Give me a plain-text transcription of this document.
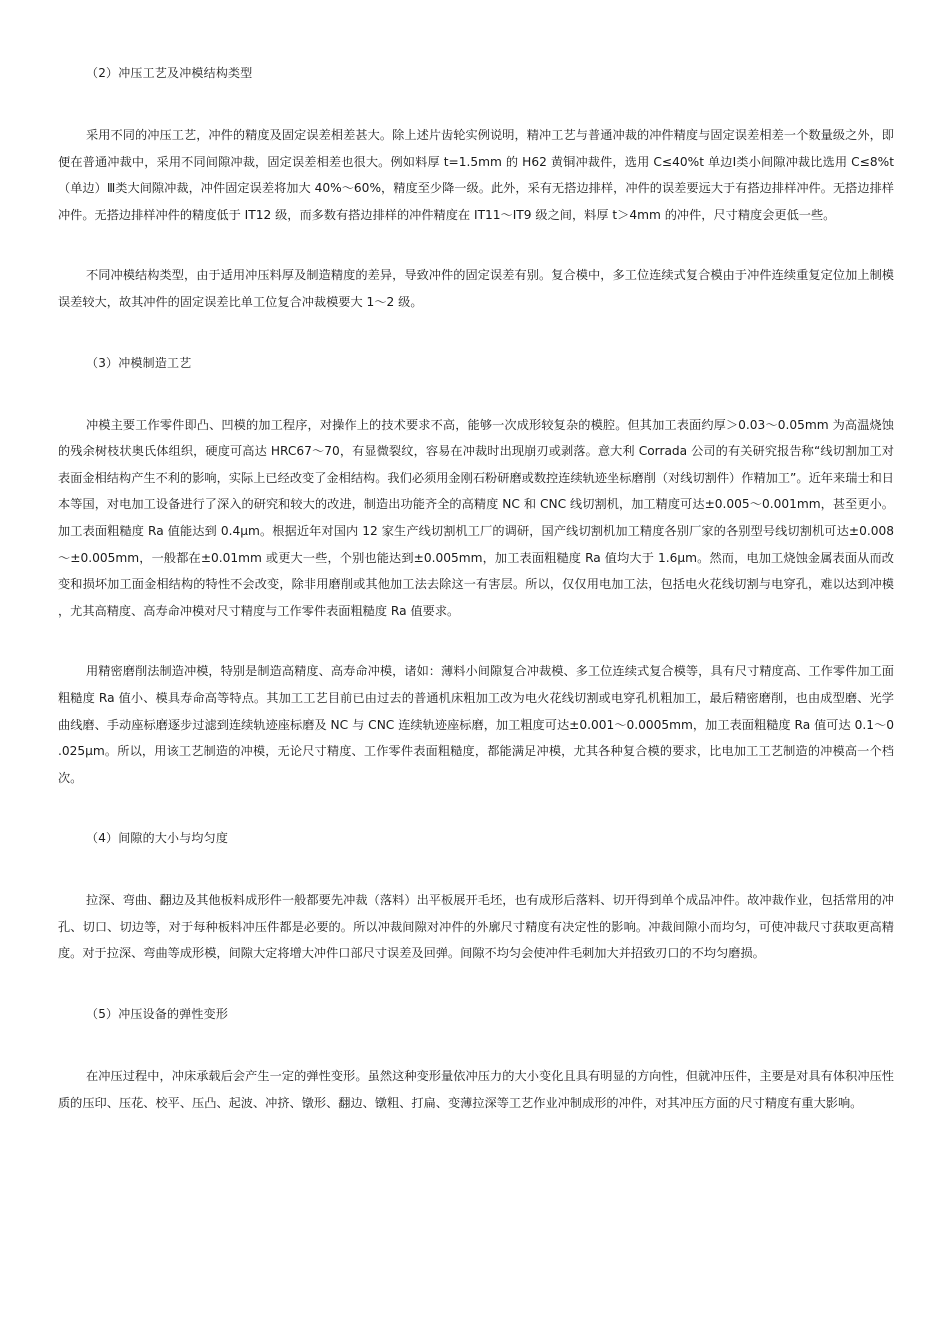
（2）冲压工艺及冲模结构类型

采用不同的冲压工艺，冲件的精度及固定误差相差甚大。除上述片齿轮实例说明，精冲工艺与普通冲裁的冲件精度与固定误差相差一个数量级之外，即便在普通冲裁中，采用不同间隙冲裁，固定误差相差也很大。例如料厚 t=1.5mm 的 H62 黄铜冲裁件，选用 C≤40%t 单边Ⅰ类小间隙冲裁比选用 C≤8%t（单边）Ⅲ类大间隙冲裁，冲件固定误差将加大 40%～60%，精度至少降一级。此外，采有无搭边排样，冲件的误差要远大于有搭边排样冲件。无搭边排样冲件。无搭边排样冲件的精度低于 IT12 级，而多数有搭边排样的冲件精度在 IT11～IT9 级之间，料厚 t＞4mm 的冲件，尺寸精度会更低一些。

不同冲模结构类型，由于适用冲压料厚及制造精度的差异，导致冲件的固定误差有别。复合模中，多工位连续式复合模由于冲件连续重复定位加上制模误差较大，故其冲件的固定误差比单工位复合冲裁模要大 1～2 级。

（3）冲模制造工艺

冲模主要工作零件即凸、凹模的加工程序，对操作上的技术要求不高，能够一次成形较复杂的模腔。但其加工表面约厚＞0.03～0.05mm 为高温烧蚀的残余树枝状奥氏体组织，硬度可高达 HRC67～70，有显微裂纹，容易在冲裁时出现崩刃或剥落。意大利 Corrada 公司的有关研究报告称“线切割加工对表面金相结构产生不利的影响，实际上已经改变了金相结构。我们必须用金刚石粉研磨或数控连续轨迹坐标磨削（对线切割件）作精加工”。近年来瑞士和日本等国，对电加工设备进行了深入的研究和较大的改进，制造出功能齐全的高精度 NC 和 CNC 线切割机，加工精度可达±0.005～0.001mm，甚至更小。加工表面粗糙度 Ra 值能达到 0.4μm。根据近年对国内 12 家生产线切割机工厂的调研，国产线切割机加工精度各别厂家的各别型号线切割机可达±0.008～±0.005mm，一般都在±0.01mm 或更大一些，个别也能达到±0.005mm，加工表面粗糙度 Ra 值均大于 1.6μm。然而，电加工烧蚀金属表面从而改变和损坏加工面金相结构的特性不会改变，除非用磨削或其他加工法去除这一有害层。所以，仅仅用电加工法，包括电火花线切割与电穿孔，难以达到冲模，尤其高精度、高寿命冲模对尺寸精度与工作零件表面粗糙度 Ra 值要求。

用精密磨削法制造冲模，特别是制造高精度、高寿命冲模，诸如：薄料小间隙复合冲裁模、多工位连续式复合模等，具有尺寸精度高、工作零件加工面粗糙度 Ra 值小、模具寿命高等特点。其加工工艺目前已由过去的普通机床粗加工改为电火花线切割或电穿孔机粗加工，最后精密磨削，也由成型磨、光学曲线磨、手动座标磨逐步过滤到连续轨迹座标磨及 NC 与 CNC 连续轨迹座标磨，加工粗度可达±0.001～0.0005mm，加工表面粗糙度 Ra 值可达 0.1～0.025μm。所以，用该工艺制造的冲模，无论尺寸精度、工作零件表面粗糙度，都能满足冲模，尤其各种复合模的要求，比电加工工艺制造的冲模高一个档次。

（4）间隙的大小与均匀度

拉深、弯曲、翻边及其他板料成形件一般都要先冲裁（落料）出平板展开毛坯，也有成形后落料、切开得到单个成品冲件。故冲裁作业，包括常用的冲孔、切口、切边等，对于每种板料冲压件都是必要的。所以冲裁间隙对冲件的外廓尺寸精度有决定性的影响。冲裁间隙小而均匀，可使冲裁尺寸获取更高精度。对于拉深、弯曲等成形模，间隙大定将增大冲件口部尺寸误差及回弹。间隙不均匀会使冲件毛刺加大并招致刃口的不均匀磨损。

（5）冲压设备的弹性变形

在冲压过程中，冲床承载后会产生一定的弹性变形。虽然这种变形量依冲压力的大小变化且具有明显的方向性，但就冲压件，主要是对具有体积冲压性质的压印、压花、校平、压凸、起波、冲挤、镦形、翻边、镦粗、打扁、变薄拉深等工艺作业冲制成形的冲件，对其冲压方面的尺寸精度有重大影响。
